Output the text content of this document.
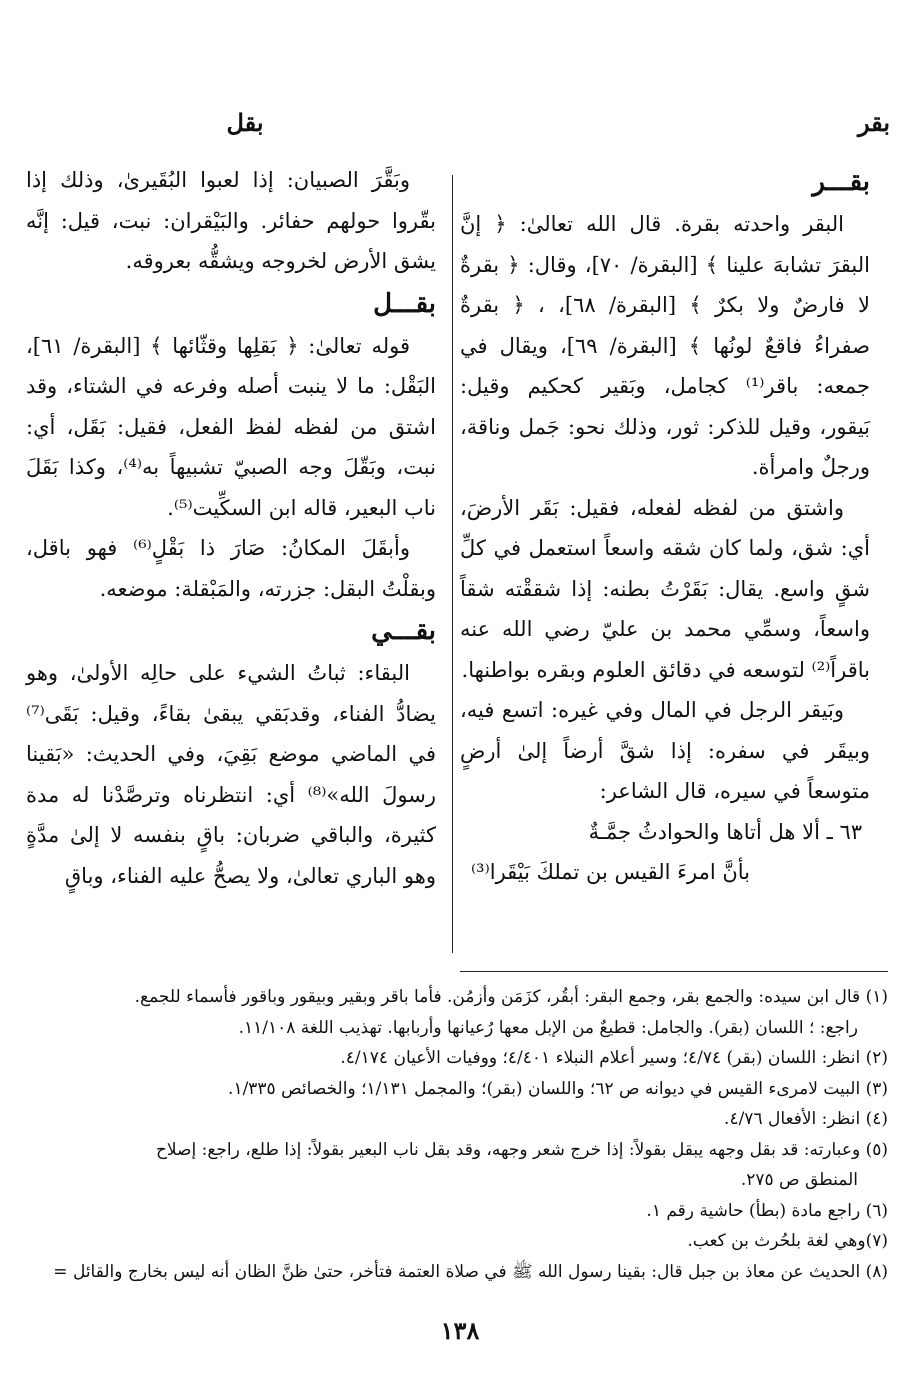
بقر
بقل

بقـــر

البقر واحدته بقرة. قال الله تعالىٰ: ﴿ إنَّ البقرَ تشابهَ علينا ﴾ [البقرة/ ٧٠]، وقال: ﴿ بقرةٌ لا فارضٌ ولا بكرٌ ﴾ [البقرة/ ٦٨]، ، ﴿ بقرةٌ صفراءُ فاقعٌ لونُها ﴾ [البقرة/ ٦٩]، ويقال في جمعه: باقر⁽¹⁾ كجامل، وبَقير كحكيم وقيل: بَيقور، وقيل للذكر: ثور، وذلك نحو: جَمل وناقة، ورجلٌ وامرأة.

واشتق من لفظه لفعله، فقيل: بَقَر الأرضَ، أي: شق، ولما كان شقه واسعاً استعمل في كلِّ شقٍ واسع. يقال: بَقَرْتُ بطنه: إذا شققْته شقاً واسعاً، وسمِّي محمد بن عليّ رضي الله عنه باقراً⁽²⁾ لتوسعه في دقائق العلوم وبقره بواطنها.

وبَيقر الرجل في المال وفي غيره: اتسع فيه، وبيقَر في سفره: إذا شقَّ أرضاً إلىٰ أرضٍ متوسعاً في سيره، قال الشاعر:

٦٣ ـ ألا هل أتاها والحوادثُ جمَّـةٌ

بأنَّ امرءَ القيس بن تملكَ بَيْقَرا⁽³⁾

وبَقَّرَ الصبيان: إذا لعبوا البُقَيرىٰ، وذلك إذا بقّروا حولهم حفائر. والبَيْقران: نبت، قيل: إنَّه يشق الأرض لخروجه ويشقُّه بعروقه.

بقـــل

قوله تعالىٰ: ﴿ بَقلِها وقثّائها ﴾ [البقرة/ ٦١]، البَقْل: ما لا ينبت أصله وفرعه في الشتاء، وقد اشتق من لفظه لفظ الفعل، فقيل: بَقَل، أي: نبت، وبَقّلَ وجه الصبيّ تشبيهاً به⁽⁴⁾، وكذا بَقَلَ ناب البعير، قاله ابن السكِّيت⁽⁵⁾.

وأبقَلَ المكانُ: صَارَ ذا بَقْلٍ⁽⁶⁾ فهو باقل، وبقلْتُ البقل: جزرته، والمَبْقلة: موضعه.

بقـــي

البقاء: ثباتُ الشيء على حالِه الأولىٰ، وهو يضادُّ الفناء، وقدبَقي يبقىٰ بقاءً، وقيل: بَقَى⁽⁷⁾ في الماضي موضع بَقِيَ، وفي الحديث: «بَقينا رسولَ الله»⁽⁸⁾ أي: انتظرناه وترصَّدْنا له مدة كثيرة، والباقي ضربان: باقٍ بنفسه لا إلىٰ مدَّةٍ وهو الباري تعالىٰ، ولا يصحُّ عليه الفناء، وباقٍ

(١) قال ابن سيده: والجمع بقر، وجمع البقر: أبقُر، كزَمَن وأزمُن. فأما باقر وبقير وبيقور وباقور فأسماء للجمع.

راجع: ؛ اللسان (بقر). والجامل: قطيعٌ من الإبل معها رُعيانها وأربابها. تهذيب اللغة ١١/١٠٨.

(٢) انظر: اللسان (بقر) ٤/٧٤؛ وسير أعلام النبلاء ٤/٤٠١؛ ووفيات الأعيان ٤/١٧٤.

(٣) البيت لامرىء القيس في ديوانه ص ٦٢؛ واللسان (بقر)؛ والمجمل ١/١٣١؛ والخصائص ١/٣٣٥.

(٤) انظر: الأفعال ٤/٧٦.

(٥) وعبارته: قد بقل وجهه يبقل بقولاً: إذا خرج شعر وجهه، وقد بقل ناب البعير بقولاً: إذا طلع، راجع: إصلاح

المنطق ص ٢٧٥.

(٦) راجع مادة (بطأ) حاشية رقم ١.

(٧)وهي لغة بلحُرث بن كعب.

(٨) الحديث عن معاذ بن جبل قال: بقينا رسول الله ﷺ في صلاة العتمة فتأخر، حتىٰ ظنَّ الظان أنه ليس بخارج والقائل =

١٣٨
